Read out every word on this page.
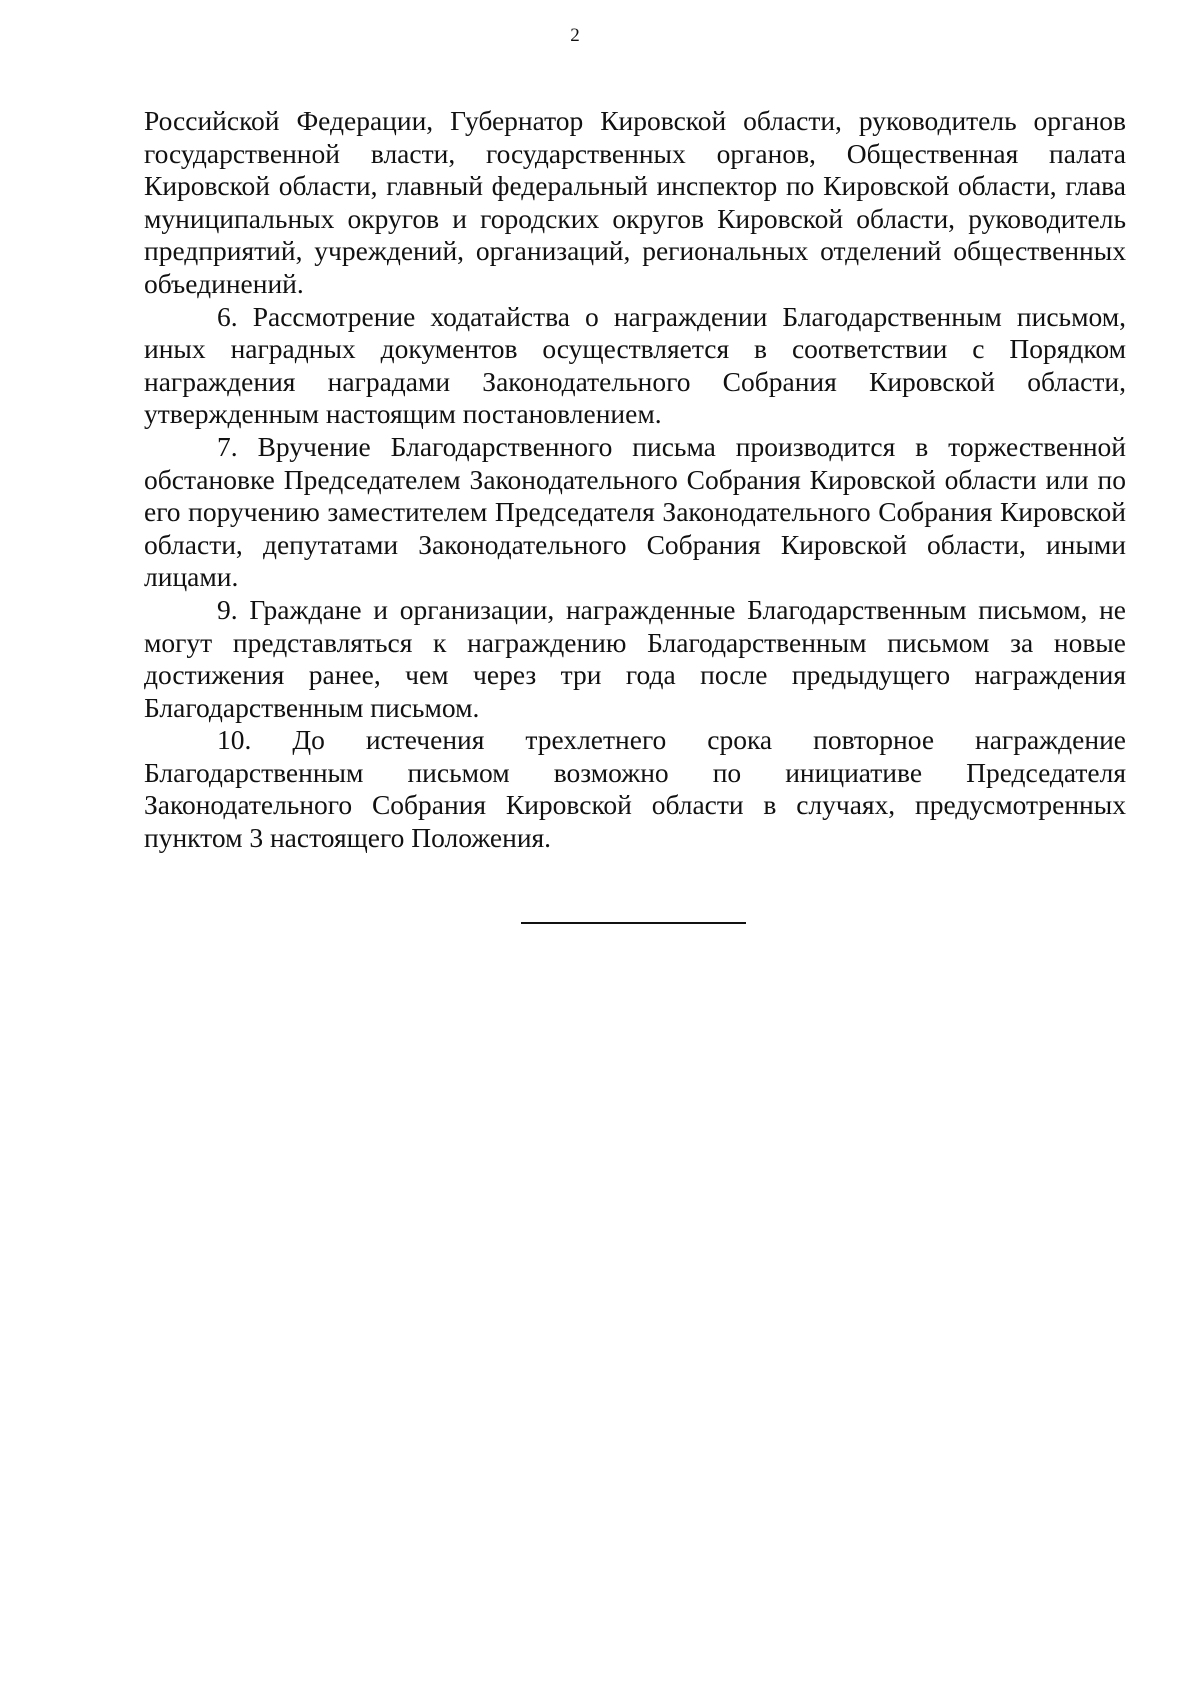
2

Российской Федерации, Губернатор Кировской области, руководитель органов государственной власти, государственных органов, Общественная палата Кировской области, главный федеральный инспектор по Кировской области, глава муниципальных округов и городских округов Кировской области, руководитель предприятий, учреждений, организаций, региональных отделений общественных объединений.

6. Рассмотрение ходатайства о награждении Благодарственным письмом, иных наградных документов осуществляется в соответствии с Порядком награждения наградами Законодательного Собрания Кировской области, утвержденным настоящим постановлением.

7. Вручение Благодарственного письма производится в торжественной обстановке Председателем Законодательного Собрания Кировской области или по его поручению заместителем Председателя Законодательного Собрания Кировской области, депутатами Законодательного Собрания Кировской области, иными лицами.

9. Граждане и организации, награжденные Благодарственным письмом, не могут представляться к награждению Благодарственным письмом за новые достижения ранее, чем через три года после предыдущего награждения Благодарственным письмом.

10. До истечения трехлетнего срока повторное награждение Благодарственным письмом возможно по инициативе Председателя Законодательного Собрания Кировской области в случаях, предусмотренных пунктом 3 настоящего Положения.
